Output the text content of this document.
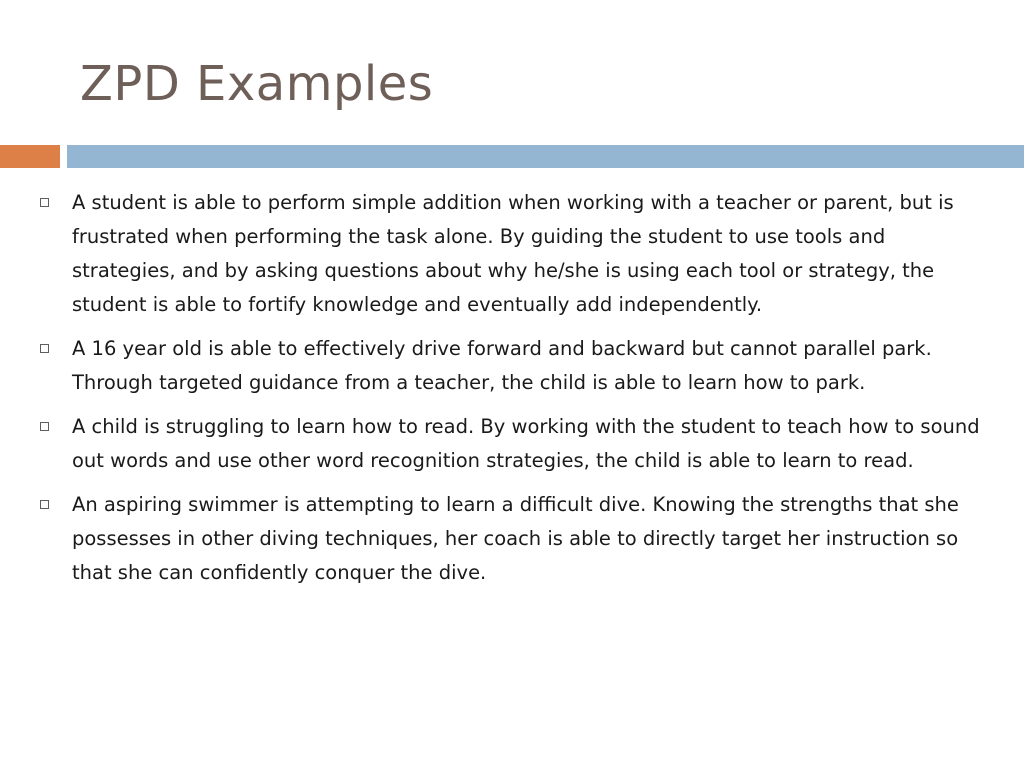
ZPD Examples
A student is able to perform simple addition when working with a teacher or parent, but is frustrated when performing the task alone. By guiding the student to use tools and strategies, and by asking questions about why he/she is using each tool or strategy, the student is able to fortify knowledge and eventually add independently.
A 16 year old is able to effectively drive forward and backward but cannot parallel park. Through targeted guidance from a teacher, the child is able to learn how to park.
A child is struggling to learn how to read. By working with the student to teach how to sound out words and use other word recognition strategies, the child is able to learn to read.
An aspiring swimmer is attempting to learn a difficult dive. Knowing the strengths that she possesses in other diving techniques, her coach is able to directly target her instruction so that she can confidently conquer the dive.
